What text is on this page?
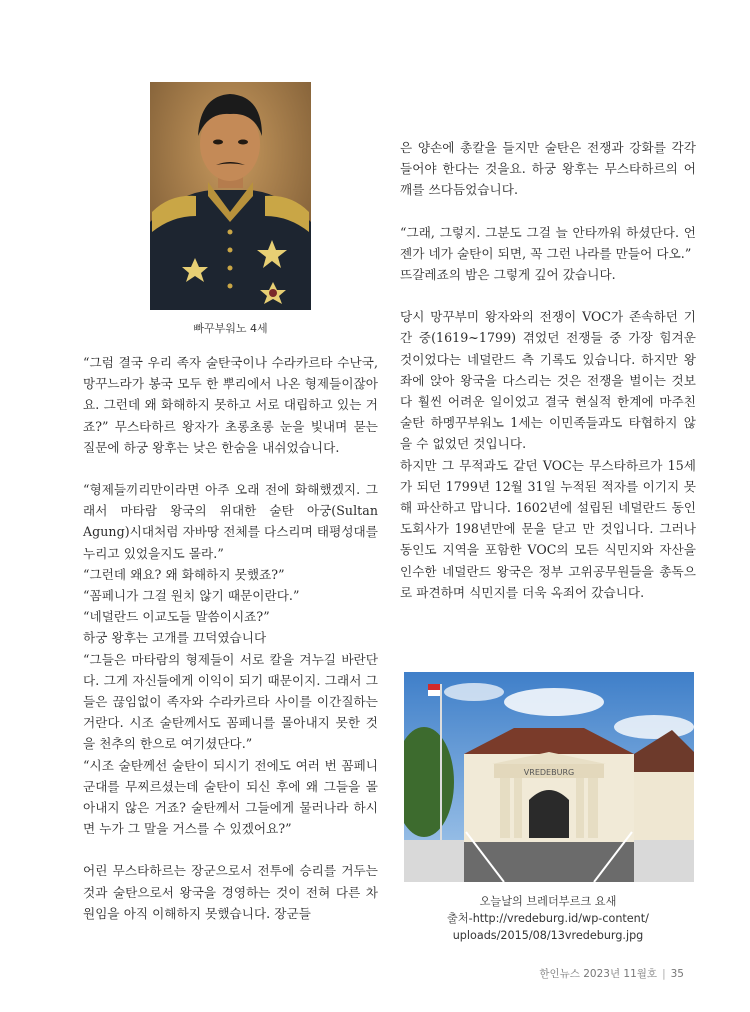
빠꾸부워노 4세

“그럼 결국 우리 족자 술탄국이나 수라카르타 수난국, 망꾸느라가 봉국 모두 한 뿌리에서 나온 형제들이잖아요. 그런데 왜 화해하지 못하고 서로 대립하고 있는 거죠?” 무스타하르 왕자가 초롱초롱 눈을 빛내며 묻는 질문에 하궁 왕후는 낮은 한숨을 내쉬었습니다.

“형제들끼리만이라면 아주 오래 전에 화해했겠지. 그래서 마타람 왕국의 위대한 술탄 아궁(Sultan Agung)시대처럼 자바땅 전체를 다스리며 태평성대를 누리고 있었을지도 몰라.”

“그런데 왜요? 왜 화해하지 못했죠?”

“꼼페니가 그걸 원치 않기 때문이란다.”

“네덜란드 이교도들 말씀이시죠?”

하궁 왕후는 고개를 끄덕였습니다

“그들은 마타람의 형제들이 서로 칼을 겨누길 바란단다. 그게 자신들에게 이익이 되기 때문이지. 그래서 그들은 끊임없이 족자와 수라카르타 사이를 이간질하는 거란다. 시조 술탄께서도 꼼페니를 몰아내지 못한 것을 천추의 한으로 여기셨단다.”

“시조 술탄께선 술탄이 되시기 전에도 여러 번 꼼페니 군대를 무찌르셨는데 술탄이 되신 후에 왜 그들을 몰아내지 않은 거죠? 술탄께서 그들에게 물러나라 하시면 누가 그 말을 거스를 수 있겠어요?”

어린 무스타하르는 장군으로서 전투에 승리를 거두는 것과 술탄으로서 왕국을 경영하는 것이 전혀 다른 차원임을 아직 이해하지 못했습니다. 장군들

은 양손에 총칼을 들지만 술탄은 전쟁과 강화를 각각 들어야 한다는 것을요. 하궁 왕후는 무스타하르의 어깨를 쓰다듬었습니다.

“그래, 그렇지. 그분도 그걸 늘 안타까워 하셨단다. 언젠가 네가 술탄이 되면, 꼭 그런 나라를 만들어 다오.”

뜨갈레죠의 밤은 그렇게 깊어 갔습니다.

당시 망꾸부미 왕자와의 전쟁이 VOC가 존속하던 기간 중(1619~1799) 겪었던 전쟁들 중 가장 힘겨운 것이었다는 네덜란드 측 기록도 있습니다. 하지만 왕좌에 앉아 왕국을 다스리는 것은 전쟁을 벌이는 것보다 훨씬 어려운 일이었고 결국 현실적 한계에 마주친 술탄 하멩꾸부워노 1세는 이민족들과도 타협하지 않을 수 없었던 것입니다.

하지만 그 무적과도 같던 VOC는 무스타하르가 15세가 되던 1799년 12월 31일 누적된 적자를 이기지 못해 파산하고 맙니다. 1602년에 설립된 네덜란드 동인도회사가 198년만에 문을 닫고 만 것입니다. 그러나 동인도 지역을 포함한 VOC의 모든 식민지와 자산을 인수한 네덜란드 왕국은 정부 고위공무원들을 총독으로 파견하며 식민지를 더욱 옥죄어 갔습니다.

VREDEBURG
오늘날의 브레더부르크 요새
출처-http://vredeburg.id/wp-content/
uploads/2015/08/13vredeburg.jpg
한인뉴스 2023년 11월호 | 35
